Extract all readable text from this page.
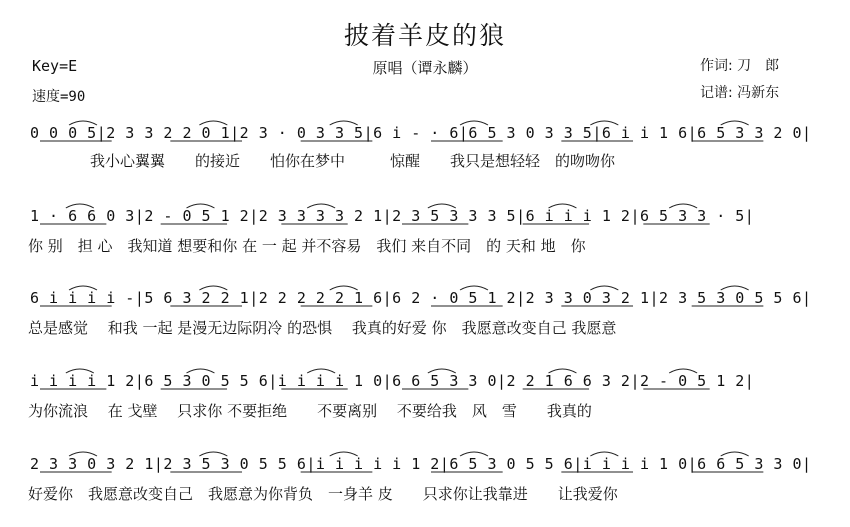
披着羊皮的狼
Key=E
速度=90
原唱（谭永麟）	作词: 刀　郎
记谱: 冯新东
0 0 0 5|2 3 3 2 2 0 1|2 3 · 0 3 3 5|6 i - · 6|6 5 3 0 3 3 5|6 i i 1 6|6 5 3 3 2 0|
我小心翼翼　　的接近　　怕你在梦中　　　惊醒　　我只是想轻轻　的吻吻你
1 · 6 6 0 3|2 - 0 5 1 2|2 3 3 3 3 2 1|2 3 5 3 3 3 5|6 i i i 1 2|6 5 3 3 · 5|
你 别　担 心　我知道 想要和你 在 一 起 并不容易　我们 来自不同　的 天和 地　你
6 i i i i -|5 6 3 2 2 1|2 2 2 2 2 1 6|6 2 · 0 5 1 2|2 3 3 0 3 2 1|2 3 5 3 0 5 5 6|
总是感觉　 和我 一起 是漫无边际阴冷 的恐惧　 我真的好爱 你　我愿意改变自己 我愿意
i i i i 1 2|6 5 3 0 5 5 6|i i i i 1 0|6 6 5 3 3 0|2 2 1 6 6 3 2|2 - 0 5 1 2|
为你流浪　 在 戈壁　 只求你 不要拒绝　　不要离别　 不要给我　风　雪　　我真的
2 3 3 0 3 2 1|2 3 5 3 0 5 5 6|i i i i i 1 2|6 5 3 0 5 5 6|i i i i 1 0|6 6 5 3 3 0|
好爱你　我愿意改变自己　我愿意为你背负　一身羊 皮　　只求你让我靠进　　让我爱你
